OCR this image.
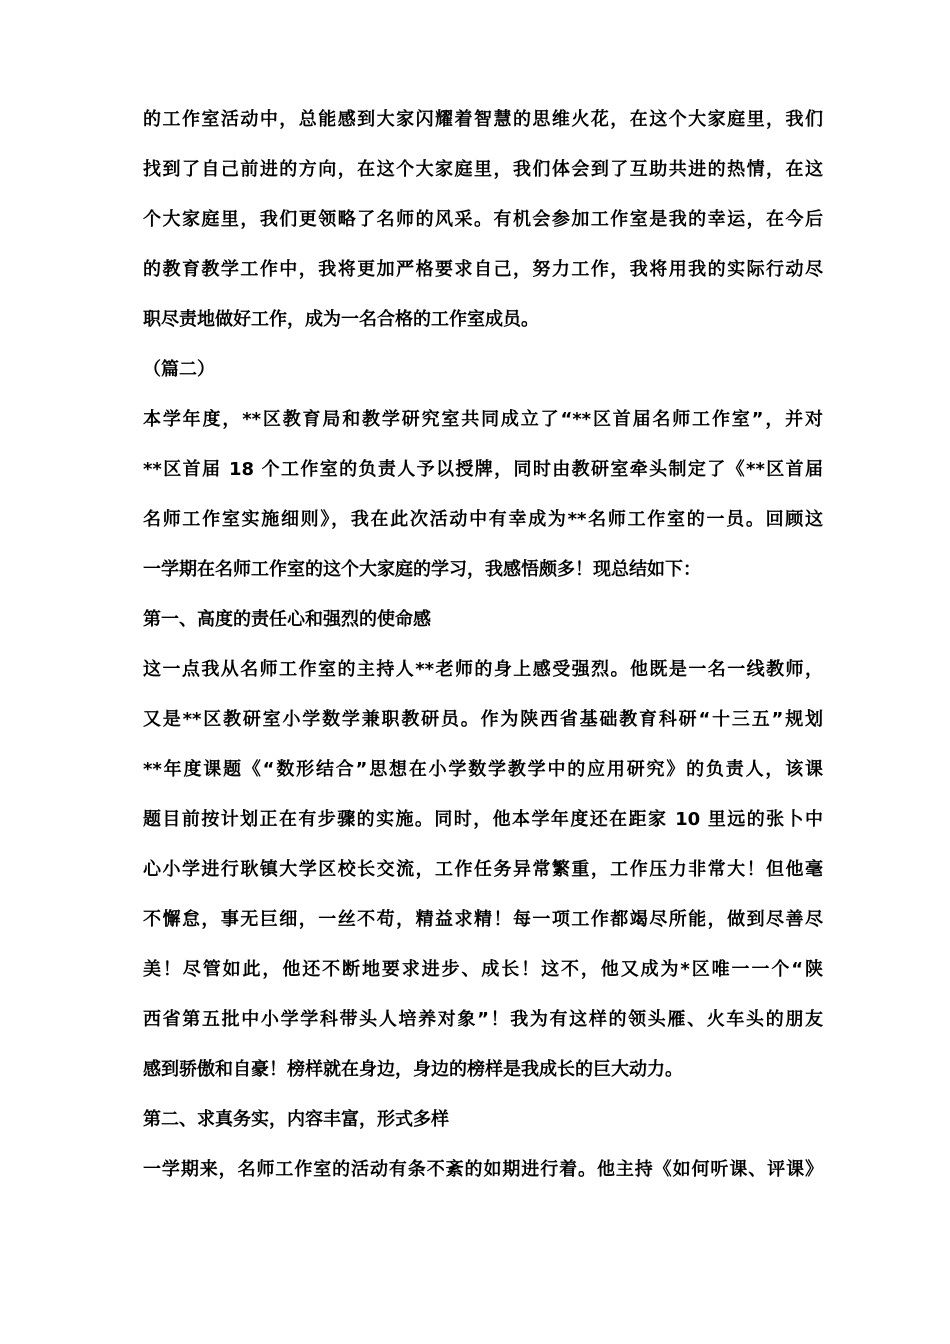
的工作室活动中，总能感到大家闪耀着智慧的思维火花，在这个大家庭里，我们
找到了自己前进的方向，在这个大家庭里，我们体会到了互助共进的热情，在这
个大家庭里，我们更领略了名师的风采。有机会参加工作室是我的幸运，在今后
的教育教学工作中，我将更加严格要求自己，努力工作，我将用我的实际行动尽
职尽责地做好工作，成为一名合格的工作室成员。
（篇二）
本学年度，**区教育局和教学研究室共同成立了“**区首届名师工作室”，并对
**区首届 18 个工作室的负责人予以授牌，同时由教研室牵头制定了《**区首届
名师工作室实施细则》，我在此次活动中有幸成为**名师工作室的一员。回顾这
一学期在名师工作室的这个大家庭的学习，我感悟颇多！现总结如下：
第一、高度的责任心和强烈的使命感
这一点我从名师工作室的主持人**老师的身上感受强烈。他既是一名一线教师，
又是**区教研室小学数学兼职教研员。作为陕西省基础教育科研“十三五”规划
**年度课题《“数形结合”思想在小学数学教学中的应用研究》的负责人，该课
题目前按计划正在有步骤的实施。同时，他本学年度还在距家 10 里远的张卜中
心小学进行耿镇大学区校长交流，工作任务异常繁重，工作压力非常大！但他毫
不懈怠，事无巨细，一丝不苟，精益求精！每一项工作都竭尽所能，做到尽善尽
美！尽管如此，他还不断地要求进步、成长！这不，他又成为*区唯一一个“陕
西省第五批中小学学科带头人培养对象”！我为有这样的领头雁、火车头的朋友
感到骄傲和自豪！榜样就在身边，身边的榜样是我成长的巨大动力。
第二、求真务实，内容丰富，形式多样
一学期来，名师工作室的活动有条不紊的如期进行着。他主持《如何听课、评课》
